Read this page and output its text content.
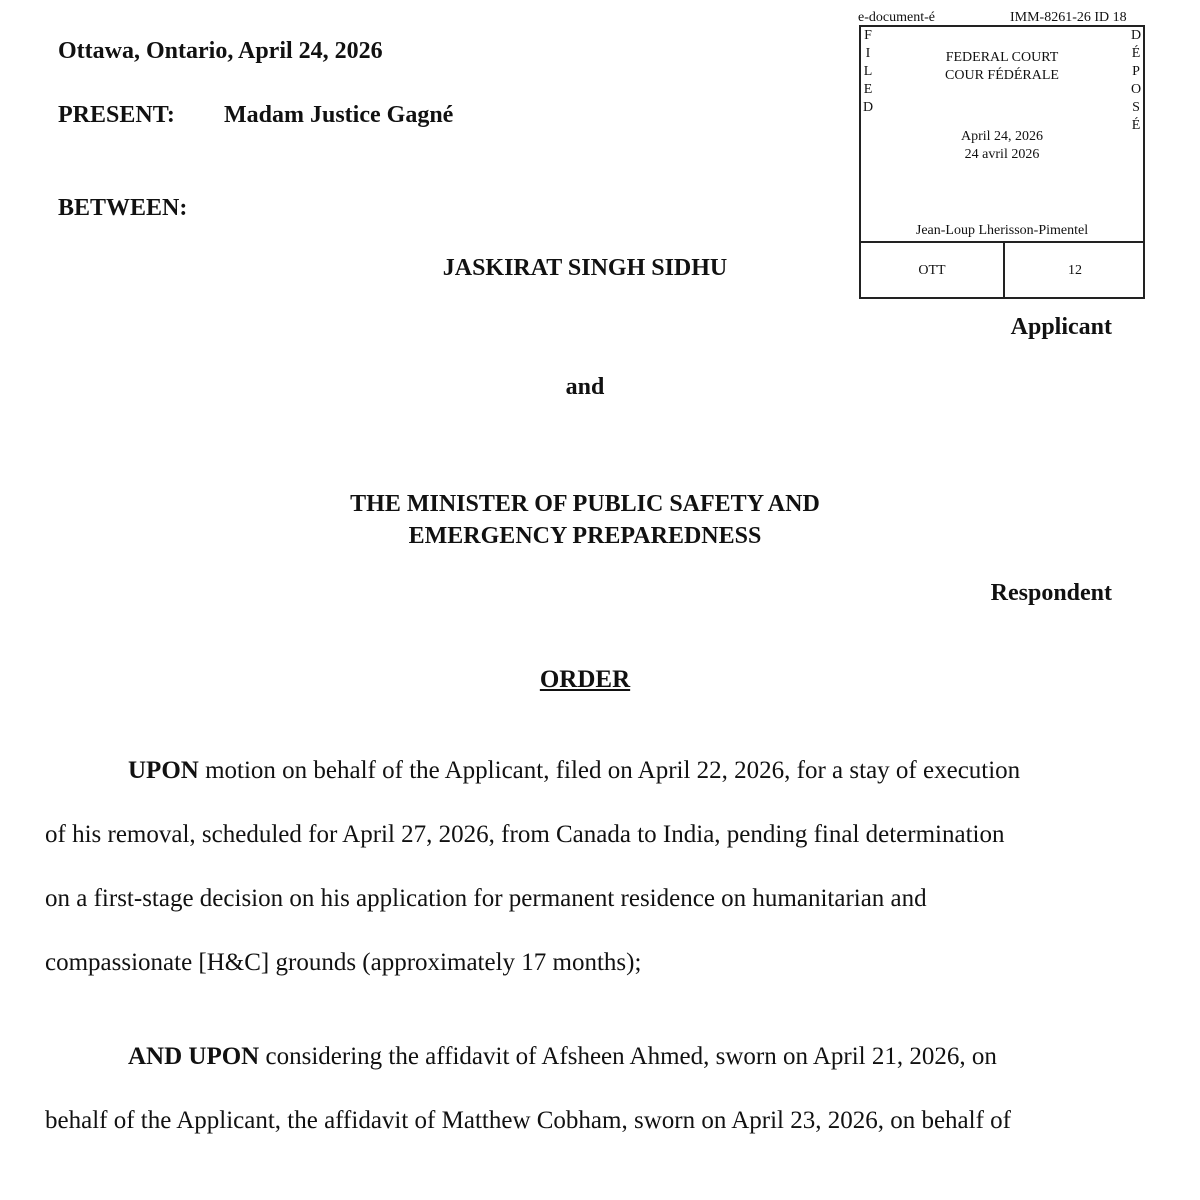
Ottawa, Ontario, April 24, 2026
PRESENT: Madam Justice Gagné
BETWEEN:
JASKIRAT SINGH SIDHU
Applicant
and
THE MINISTER OF PUBLIC SAFETY AND
EMERGENCY PREPAREDNESS
Respondent
ORDER
UPON motion on behalf of the Applicant, filed on April 22, 2026, for a stay of execution
of his removal, scheduled for April 27, 2026, from Canada to India, pending final determination
on a first-stage decision on his application for permanent residence on humanitarian and
compassionate [H&C] grounds (approximately 17 months);
AND UPON considering the affidavit of Afsheen Ahmed, sworn on April 21, 2026, on
behalf of the Applicant, the affidavit of Matthew Cobham, sworn on April 23, 2026, on behalf of
e-document-é	IMM-8261-26 ID 18
F
I
L
E
D
D
É
P
O
S
É
FEDERAL COURT
COUR FÉDÉRALE
April 24, 2026
24 avril 2026
Jean-Loup Lherisson-Pimentel
OTT	12
